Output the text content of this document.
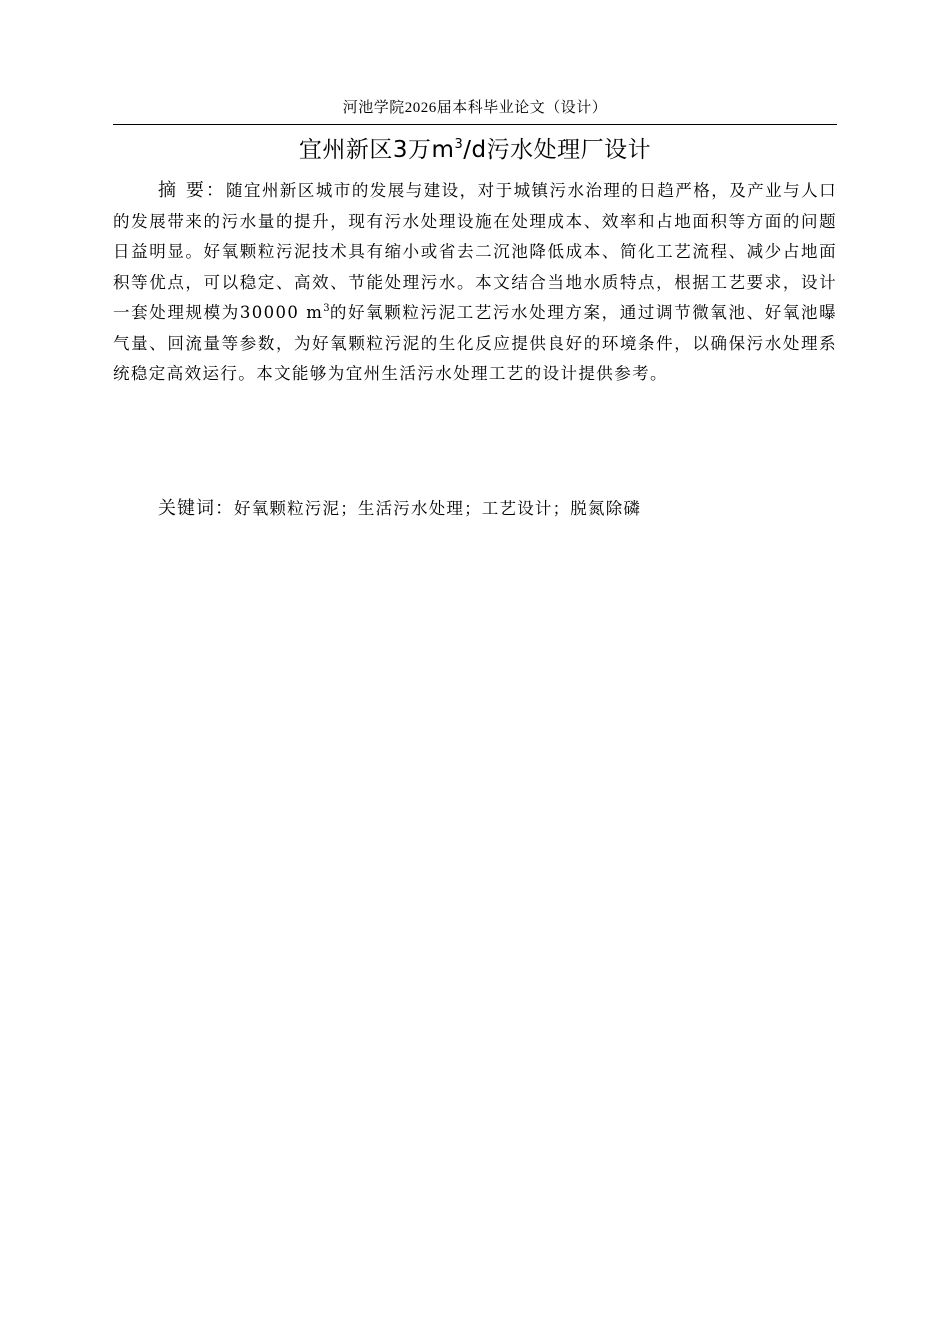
河池学院2026届本科毕业论文（设计）
宜州新区3万$m^3/d$污水处理厂设计

摘 要：随宜州新区城市的发展与建设，对于城镇污水治理的日趋严格，及产业与人口的发展带来的污水量的提升，现有污水处理设施在处理成本、效率和占地面积等方面的问题日益明显。好氧颗粒污泥技术具有缩小或省去二沉池降低成本、简化工艺流程、减少占地面积等优点，可以稳定、高效、节能处理污水。本文结合当地水质特点，根据工艺要求，设计一套处理规模为30000 $m^3$的好氧颗粒污泥工艺污水处理方案，通过调节微氧池、好氧池曝气量、回流量等参数，为好氧颗粒污泥的生化反应提供良好的环境条件，以确保污水处理系统稳定高效运行。本文能够为宜州生活污水处理工艺的设计提供参考。

关键词：好氧颗粒污泥；生活污水处理；工艺设计；脱氮除磷
